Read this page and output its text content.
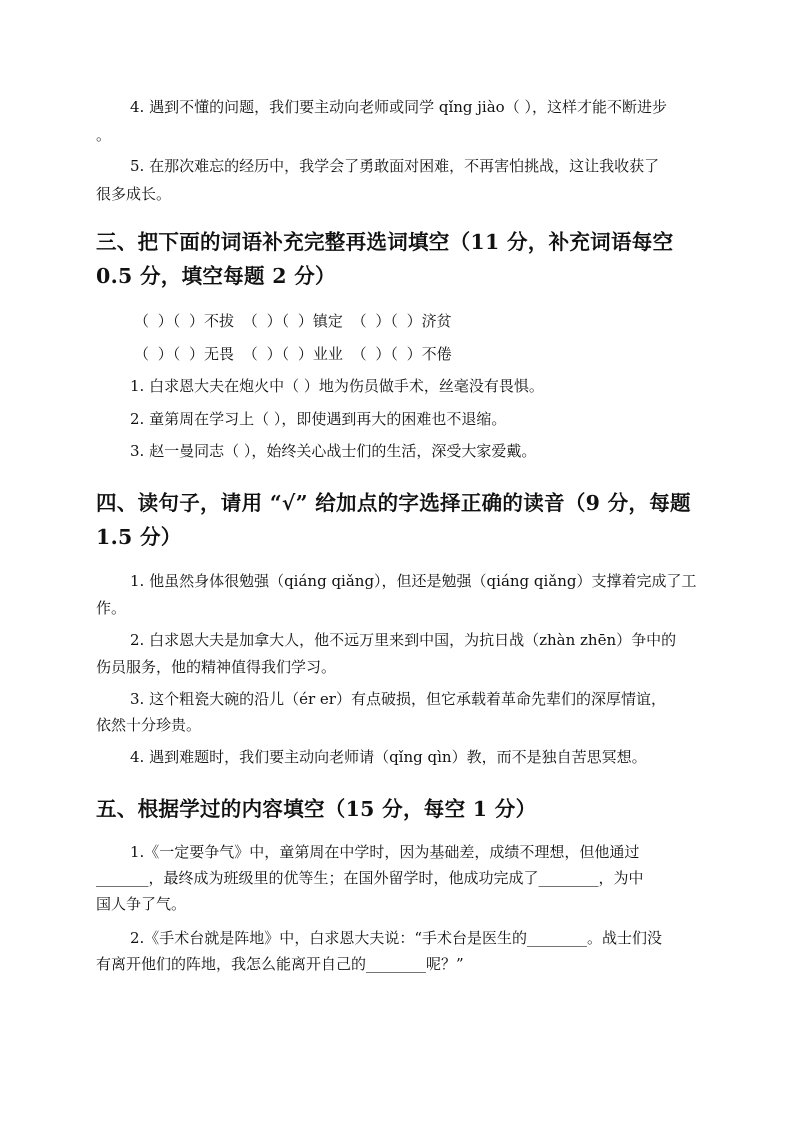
4. 遇到不懂的问题，我们要主动向老师或同学 qǐng jiào（ ），这样才能不断进步
。
5. 在那次难忘的经历中，我学会了勇敢面对困难，不再害怕挑战，这让我收获了
很多成长。
三、把下面的词语补充完整再选词填空（11 分，补充词语每空
0.5 分，填空每题 2 分）
（ ）（ ）不拔 （ ）（ ）镇定 （ ）（ ）济贫
（ ）（ ）无畏 （ ）（ ）业业 （ ）（ ）不倦
1. 白求恩大夫在炮火中（ ）地为伤员做手术，丝毫没有畏惧。
2. 童第周在学习上（ ），即使遇到再大的困难也不退缩。
3. 赵一曼同志（ ），始终关心战士们的生活，深受大家爱戴。
四、读句子，请用 “√” 给加点的字选择正确的读音（9 分，每题
1.5 分）
1. 他虽然身体很勉强（qiáng qiǎng），但还是勉强（qiáng qiǎng）支撑着完成了工
作。
2. 白求恩大夫是加拿大人，他不远万里来到中国，为抗日战（zhàn zhēn）争中的
伤员服务，他的精神值得我们学习。
3. 这个粗瓷大碗的沿儿（ér er）有点破损，但它承载着革命先辈们的深厚情谊，
依然十分珍贵。
4. 遇到难题时，我们要主动向老师请（qǐng qìn）教，而不是独自苦思冥想。
五、根据学过的内容填空（15 分，每空 1 分）
1.《一定要争气》中，童第周在中学时，因为基础差，成绩不理想，但他通过
_______，最终成为班级里的优等生；在国外留学时，他成功完成了________，为中
国人争了气。
2.《手术台就是阵地》中，白求恩大夫说：“手术台是医生的________。战士们没
有离开他们的阵地，我怎么能离开自己的________呢？”
